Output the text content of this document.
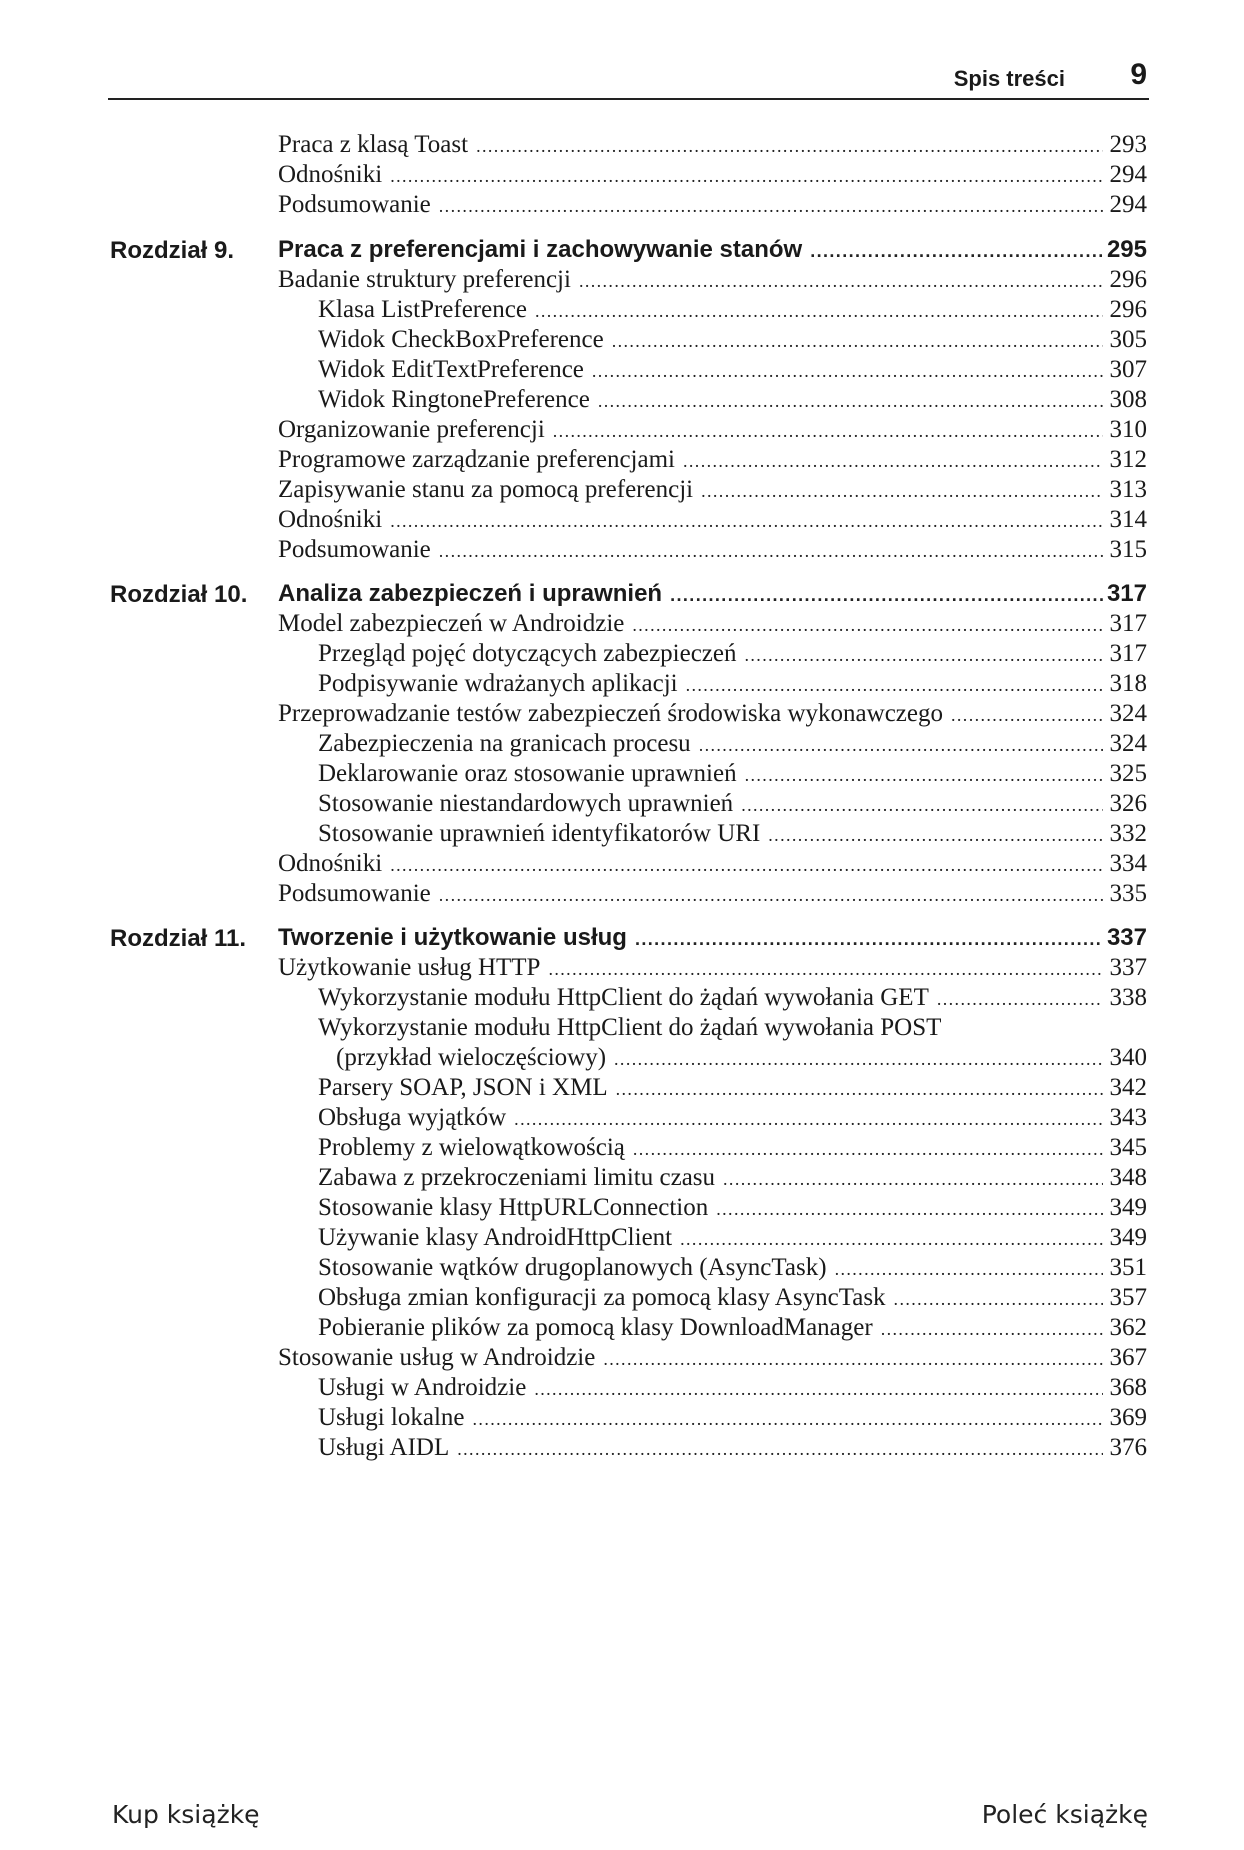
Spis treści 9
Praca z klasą Toast .....	293
Odnośniki .....	294
Podsumowanie .....	294
Rozdział 9. Praca z preferencjami i zachowywanie stanów .....	295
Badanie struktury preferencji .....	296
Klasa ListPreference .....	296
Widok CheckBoxPreference .....	305
Widok EditTextPreference .....	307
Widok RingtonePreference .....	308
Organizowanie preferencji .....	310
Programowe zarządzanie preferencjami .....	312
Zapisywanie stanu za pomocą preferencji .....	313
Odnośniki .....	314
Podsumowanie .....	315
Rozdział 10. Analiza zabezpieczeń i uprawnień .....	317
Model zabezpieczeń w Androidzie .....	317
Przegląd pojęć dotyczących zabezpieczeń .....	317
Podpisywanie wdrażanych aplikacji .....	318
Przeprowadzanie testów zabezpieczeń środowiska wykonawczego .....	324
Zabezpieczenia na granicach procesu .....	324
Deklarowanie oraz stosowanie uprawnień .....	325
Stosowanie niestandardowych uprawnień .....	326
Stosowanie uprawnień identyfikatorów URI .....	332
Odnośniki .....	334
Podsumowanie .....	335
Rozdział 11. Tworzenie i użytkowanie usług .....	337
Użytkowanie usług HTTP .....	337
Wykorzystanie modułu HttpClient do żądań wywołania GET .....	338
Wykorzystanie modułu HttpClient do żądań wywołania POST
(przykład wieloczęściowy) .....	340
Parsery SOAP, JSON i XML .....	342
Obsługa wyjątków .....	343
Problemy z wielowątkowością .....	345
Zabawa z przekroczeniami limitu czasu .....	348
Stosowanie klasy HttpURLConnection .....	349
Używanie klasy AndroidHttpClient .....	349
Stosowanie wątków drugoplanowych (AsyncTask) .....	351
Obsługa zmian konfiguracji za pomocą klasy AsyncTask .....	357
Pobieranie plików za pomocą klasy DownloadManager .....	362
Stosowanie usług w Androidzie .....	367
Usługi w Androidzie .....	368
Usługi lokalne .....	369
Usługi AIDL .....	376
Kup książkę	Poleć książkę
